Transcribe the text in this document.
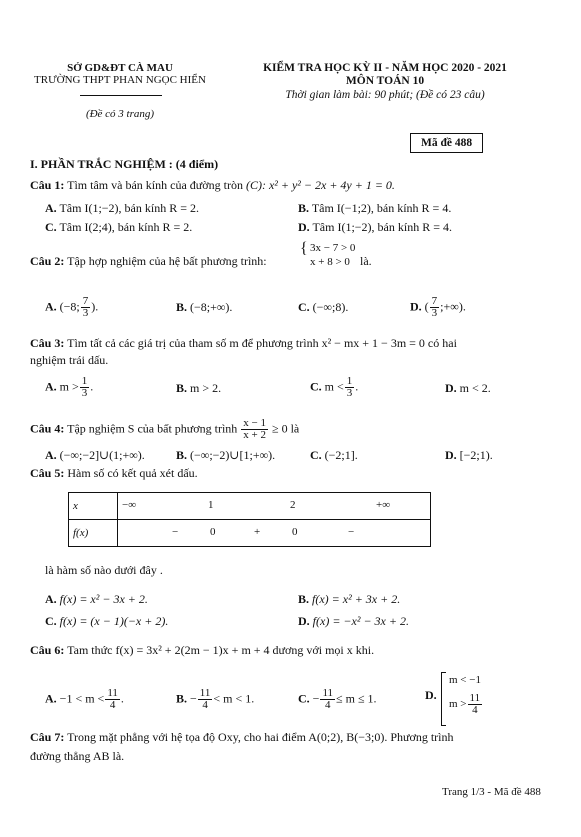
SỞ GD&ĐT CÀ MAU
TRƯỜNG THPT PHAN NGỌC HIỂN
(Đề có 3 trang)
KIỂM TRA HỌC KỲ II - NĂM HỌC 2020 - 2021
MÔN TOÁN 10
Thời gian làm bài: 90 phút; (Đề có 23 câu)
Mã đề 488
I. PHẦN TRẮC NGHIỆM : (4 điểm)
Câu 1: Tìm tâm và bán kính của đường tròn (C): x² + y² − 2x + 4y + 1 = 0.
A. Tâm I(1;−2), bán kính R = 2.	B. Tâm I(−1;2), bán kính R = 4.
C. Tâm I(2;4), bán kính R = 2.	D. Tâm I(1;−2), bán kính R = 4.
Câu 2: Tập hợp nghiệm của hệ bất phương trình:
{ 3x − 7 > 0
x + 8 > 0 là.
A. (−8; $\frac{7}{3}$ ).	B. (−8;+∞).	C. (−∞;8).	D. ( $\frac{7}{3}$ ;+∞).
Câu 3: Tìm tất cả các giá trị của tham số m để phương trình x² − mx + 1 − 3m = 0 có hai
nghiệm trái dấu.
A. $m > \frac{1}{3}$ .	B. m > 2.	C. $m < \frac{1}{3}$ .	D. m < 2.
Câu 4: Tập nghiệm S của bất phương trình $\frac{x - 1}{x + 2} \ge 0$ là
A. (−∞;−2]∪(1;+∞).	B. (−∞;−2)∪[1;+∞).	C. (−2;1].	D. [−2;1).
Câu 5: Hàm số có kết quả xét dấu.
x	−∞ 1 2 +∞

f(x)	− 0 + 0 −
là hàm số nào dưới đây .
A. f(x) = x² − 3x + 2.	B. f(x) = x² + 3x + 2.
C. f(x) = (x − 1)(−x + 2).	D. f(x) = −x² − 3x + 2.
Câu 6: Tam thức f(x) = 3x² + 2(2m − 1)x + m + 4 dương với mọi x khi.
A. $-1 < m < \frac{11}{4}$ .	B. − $\frac{11}{4} < m < 1$.	C. − $\frac{11}{4} \le m \le 1$.	D.
m < −1
$m > \frac{11}{4}$
Câu 7: Trong mặt phẳng với hệ tọa độ Oxy, cho hai điểm A(0;2), B(−3;0). Phương trình
đường thẳng AB là.
Trang 1/3 - Mã đề 488
